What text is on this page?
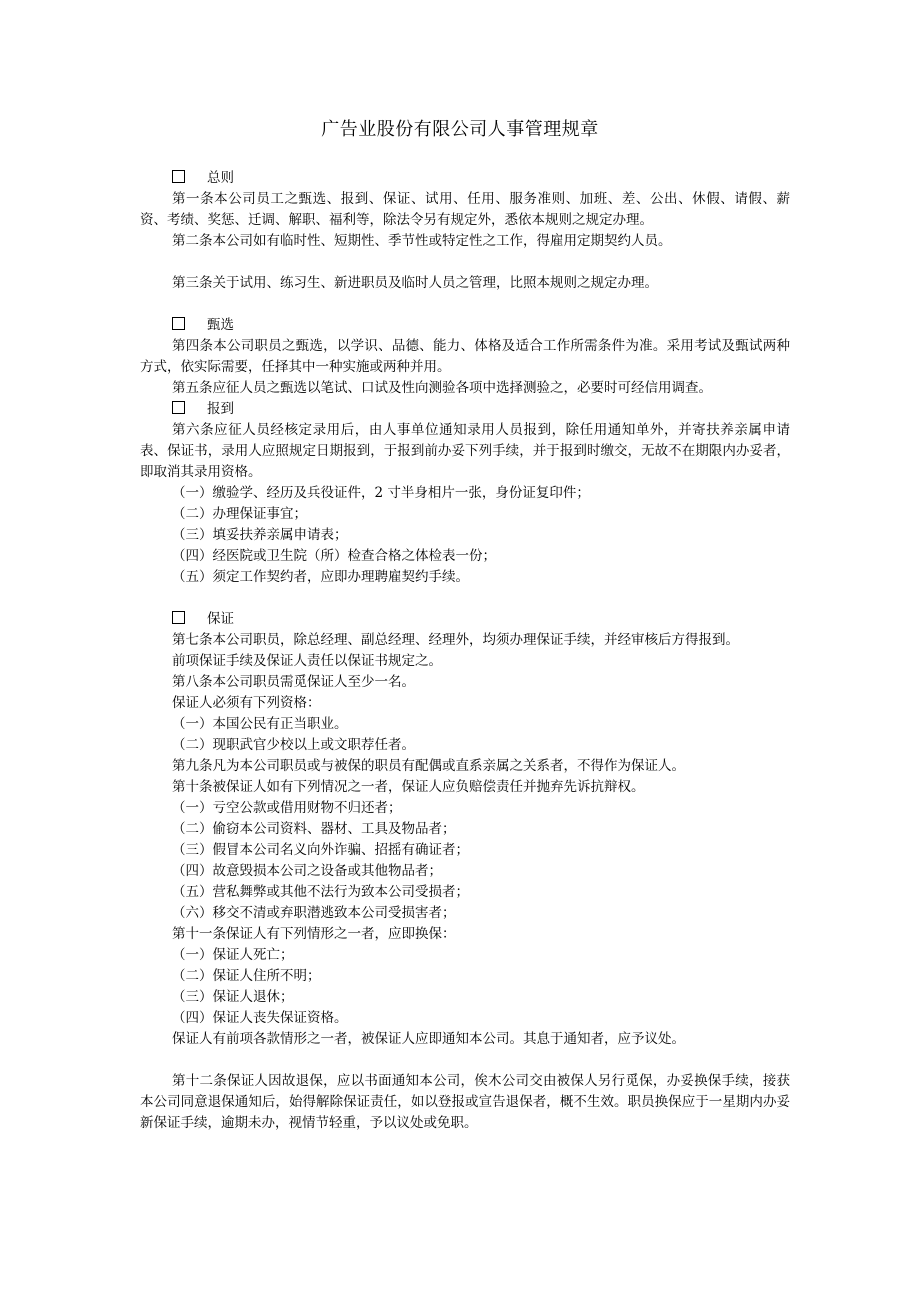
广告业股份有限公司人事管理规章
总则
第一条本公司员工之甄选、报到、保证、试用、任用、服务准则、加班、差、公出、休假、请假、薪资、考绩、奖惩、迁调、解职、福利等，除法令另有规定外，悉依本规则之规定办理。
第二条本公司如有临时性、短期性、季节性或特定性之工作，得雇用定期契约人员。
第三条关于试用、练习生、新进职员及临时人员之管理，比照本规则之规定办理。
甄选
第四条本公司职员之甄选，以学识、品德、能力、体格及适合工作所需条件为准。采用考试及甄试两种方式，依实际需要，任择其中一种实施或两种并用。
第五条应征人员之甄选以笔试、口试及性向测验各项中选择测验之，必要时可经信用调查。
报到
第六条应征人员经核定录用后，由人事单位通知录用人员报到，除任用通知单外，并寄扶养亲属申请表、保证书，录用人应照规定日期报到，于报到前办妥下列手续，并于报到时缴交，无故不在期限内办妥者，即取消其录用资格。
（一）缴验学、经历及兵役证件，2 寸半身相片一张，身份证复印件；
（二）办理保证事宜；
（三）填妥扶养亲属申请表；
（四）经医院或卫生院（所）检查合格之体检表一份；
（五）须定工作契约者，应即办理聘雇契约手续。
保证
第七条本公司职员，除总经理、副总经理、经理外，均须办理保证手续，并经审核后方得报到。
前项保证手续及保证人责任以保证书规定之。
第八条本公司职员需觅保证人至少一名。
保证人必须有下列资格：
（一）本国公民有正当职业。
（二）现职武官少校以上或文职荐任者。
第九条凡为本公司职员或与被保的职员有配偶或直系亲属之关系者，不得作为保证人。
第十条被保证人如有下列情况之一者，保证人应负赔偿责任并抛弃先诉抗辩权。
（一）亏空公款或借用财物不归还者；
（二）偷窃本公司资料、器材、工具及物品者；
（三）假冒本公司名义向外诈骗、招摇有确证者；
（四）故意毁损本公司之设备或其他物品者；
（五）营私舞弊或其他不法行为致本公司受损者；
（六）移交不清或弃职潜逃致本公司受损害者；
第十一条保证人有下列情形之一者，应即换保：
（一）保证人死亡；
（二）保证人住所不明；
（三）保证人退休；
（四）保证人丧失保证资格。
保证人有前项各款情形之一者，被保证人应即通知本公司。其息于通知者，应予议处。
第十二条保证人因故退保，应以书面通知本公司，俟木公司交由被保人另行觅保，办妥换保手续，接获本公司同意退保通知后，始得解除保证责任，如以登报或宣告退保者，概不生效。职员换保应于一星期内办妥新保证手续，逾期未办，视情节轻重，予以议处或免职。
